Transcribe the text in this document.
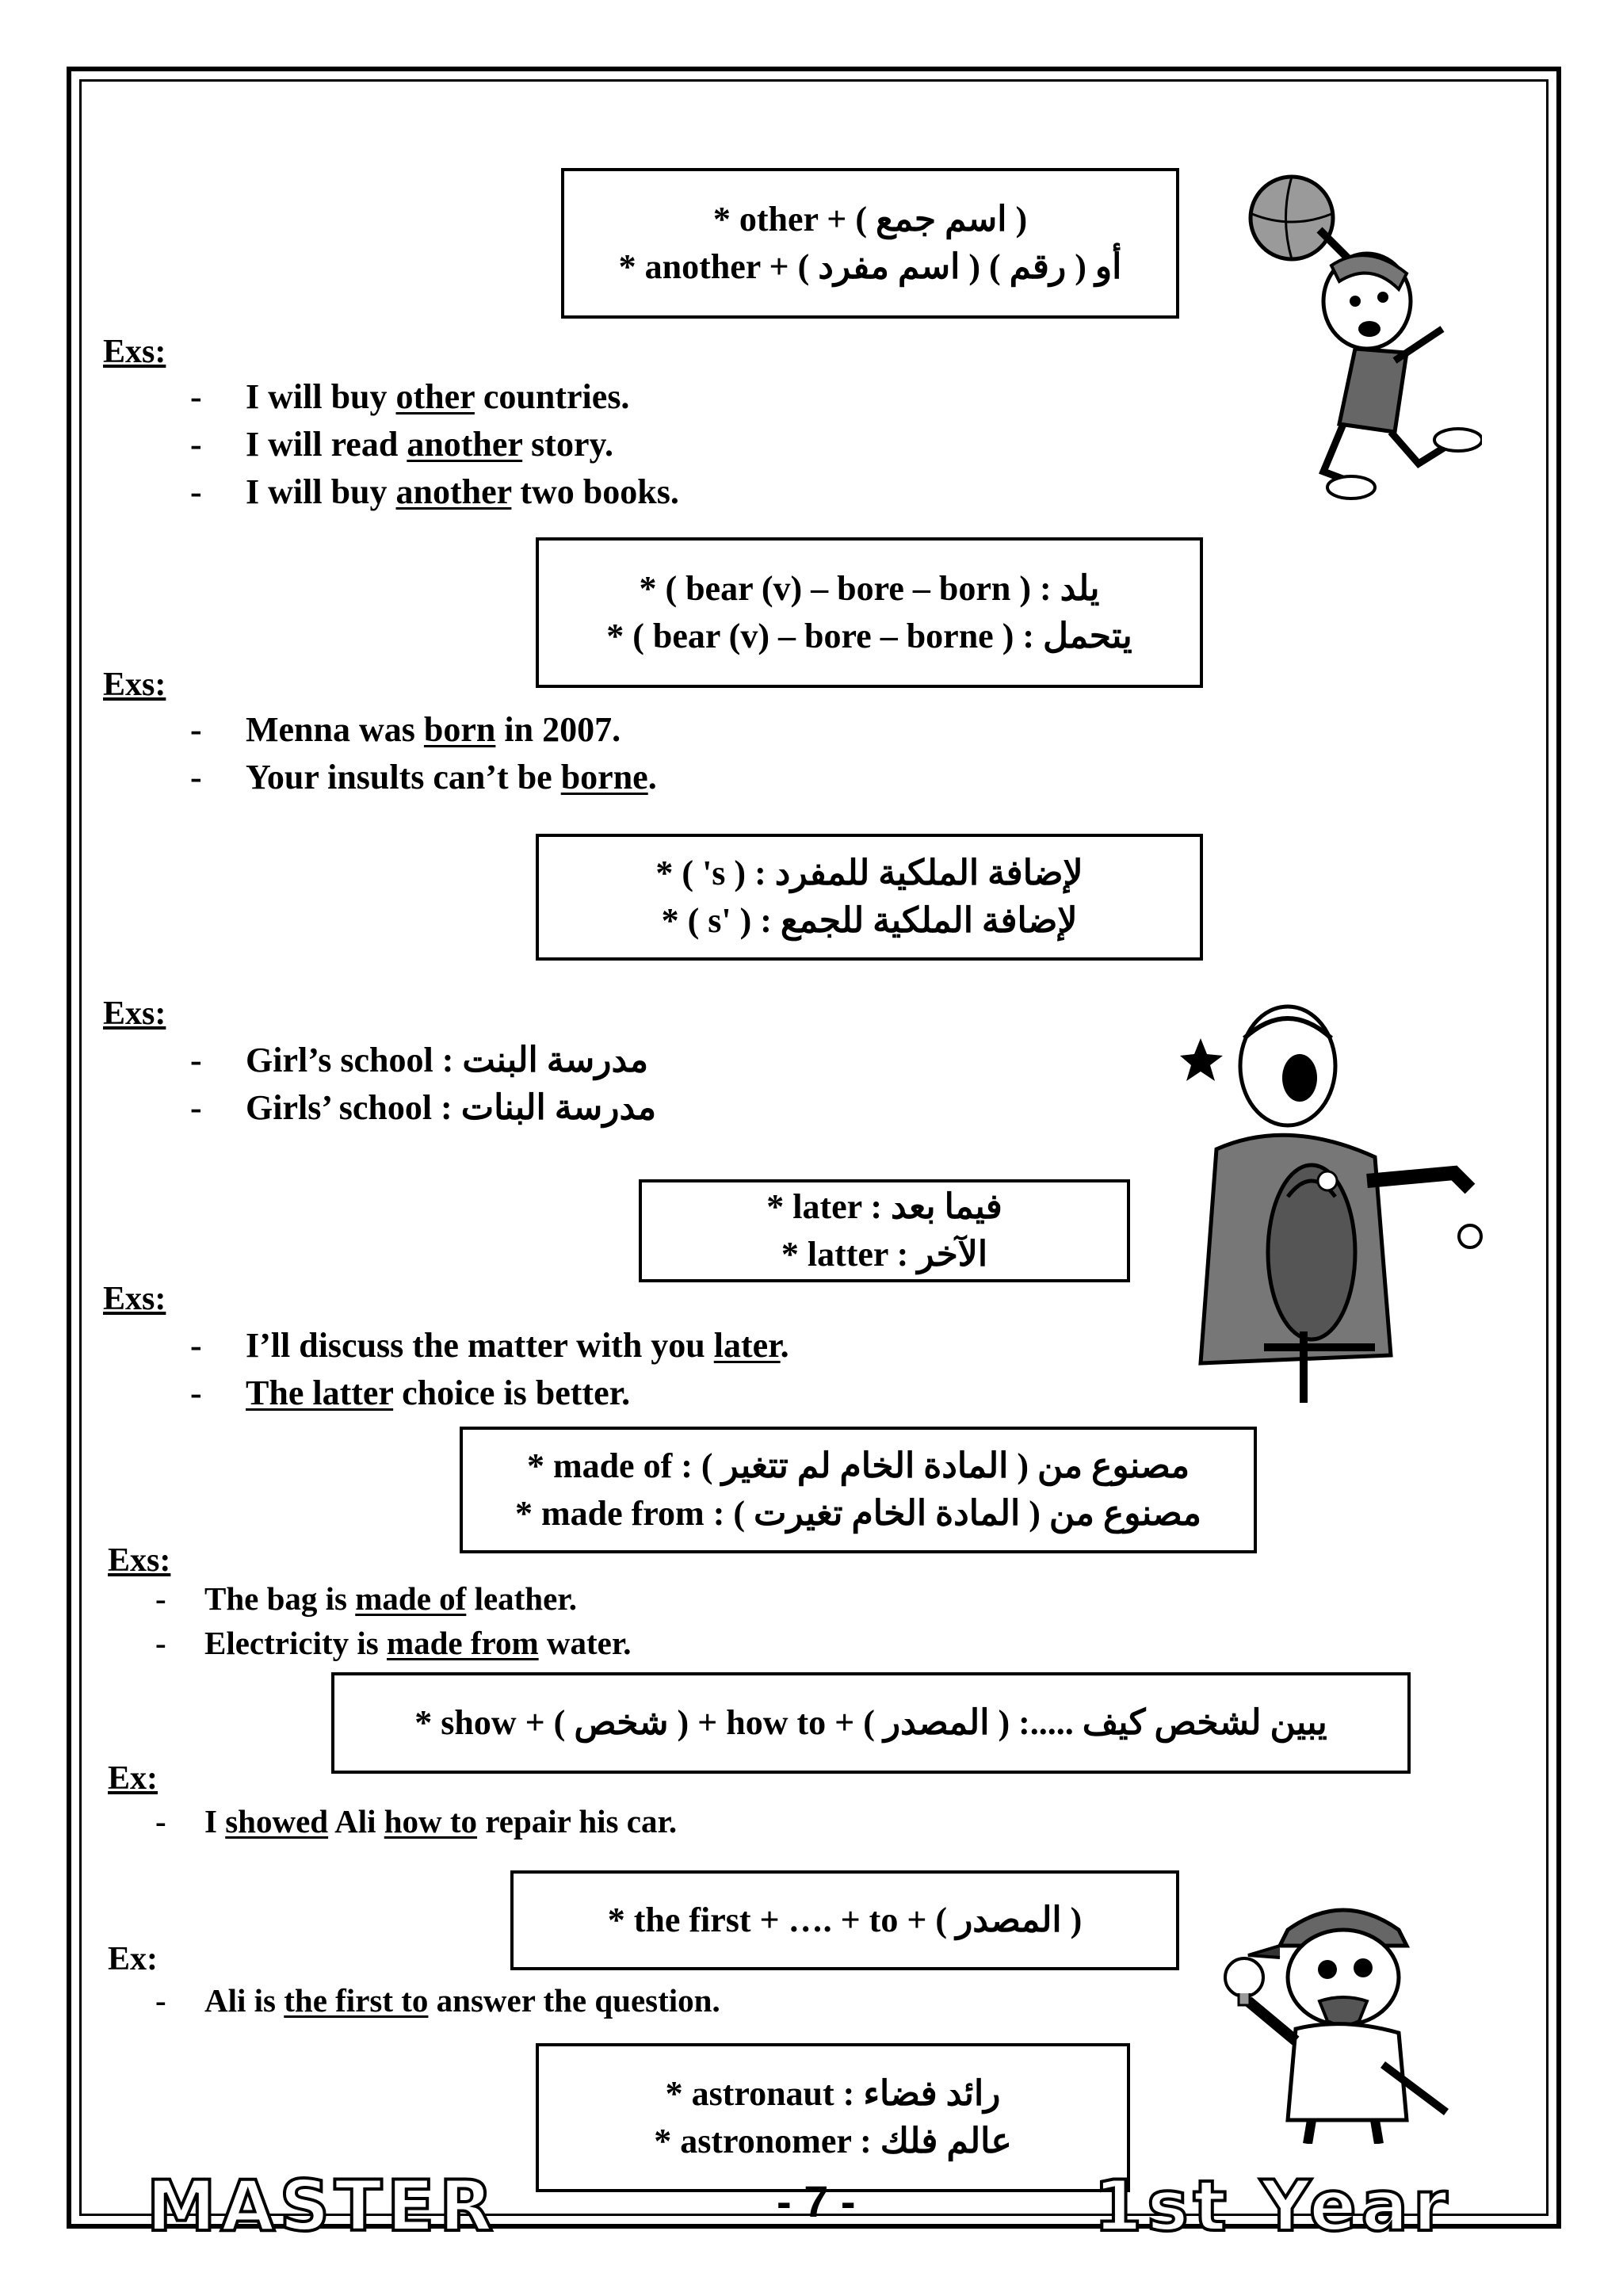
* other + ( اسم جمع )
* another + ( اسم مفرد ) أو ( رقم )
Exs:
- I will buy other countries.
- I will read another story.
- I will buy another two books.
* ( bear (v) – bore – born ) : يلد
* ( bear (v) – bore – borne ) : يتحمل
Exs:
- Menna was born in 2007.
- Your insults can’t be borne.
* ( 's ) : لإضافة الملكية للمفرد
* ( s' ) : لإضافة الملكية للجمع
Exs:
- Girl’s school : مدرسة البنت
- Girls’ school : مدرسة البنات
* later : فيما بعد
* latter : الآخر
Exs:
- I’ll discuss the matter with you later.
- The latter choice is better.
* made of : ( المادة الخام لم تتغير ) مصنوع من
* made from : ( المادة الخام تغيرت ) مصنوع من
Exs:
- The bag is made of leather.
- Electricity is made from water.
* show + ( شخص ) + how to + ( المصدر ) :..... يبين لشخص كيف
Ex:
- I showed Ali how to repair his car.
* the first + …. + to + ( المصدر )
Ex:
- Ali is the first to answer the question.
* astronaut : رائد فضاء
* astronomer : عالم فلك
MASTER	- 7 -	1st Year
